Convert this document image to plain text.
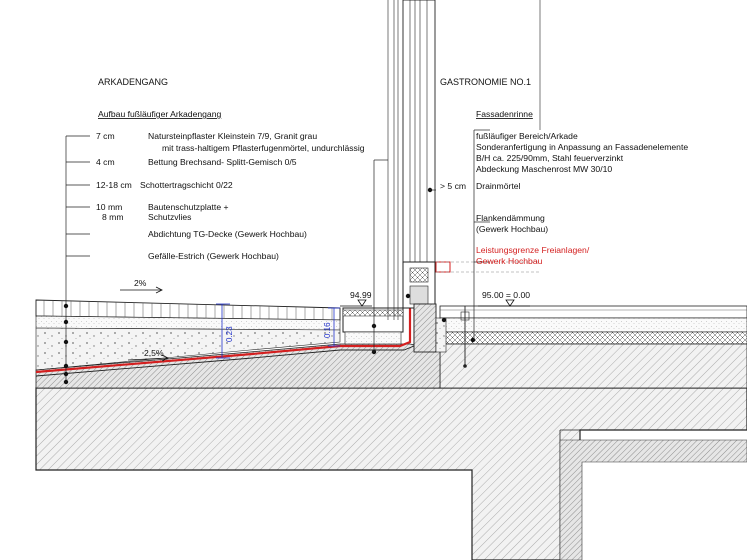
ARKADENGANG	GASTRONOMIE NO.1
Aufbau fußläufiger Arkadengang	Fassadenrinne
7 cm	Natursteinpflaster Kleinstein 7/9, Granit grau
mit trass-haltigem Pflasterfugenmörtel, undurchlässig
4 cm	Bettung Brechsand- Splitt-Gemisch 0/5
12-18 cm Schottertragschicht 0/22
10 mm	Bautenschutzplatte +
8 mm	Schutzvlies
Abdichtung TG-Decke (Gewerk Hochbau)
Gefälle-Estrich (Gewerk Hochbau)
fußläufiger Bereich/Arkade
Sonderanfertigung in Anpassung an Fassadenelemente
B/H ca. 225/90mm, Stahl feuerverzinkt
Abdeckung Maschenrost MW 30/10
> 5 cm Drainmörtel
Flankendämmung
(Gewerk Hochbau)
Leistungsgrenze Freianlagen/
Gewerk Hochbau
2%
2.5%
94.99	95.00 = 0.00
0.23	0.16
